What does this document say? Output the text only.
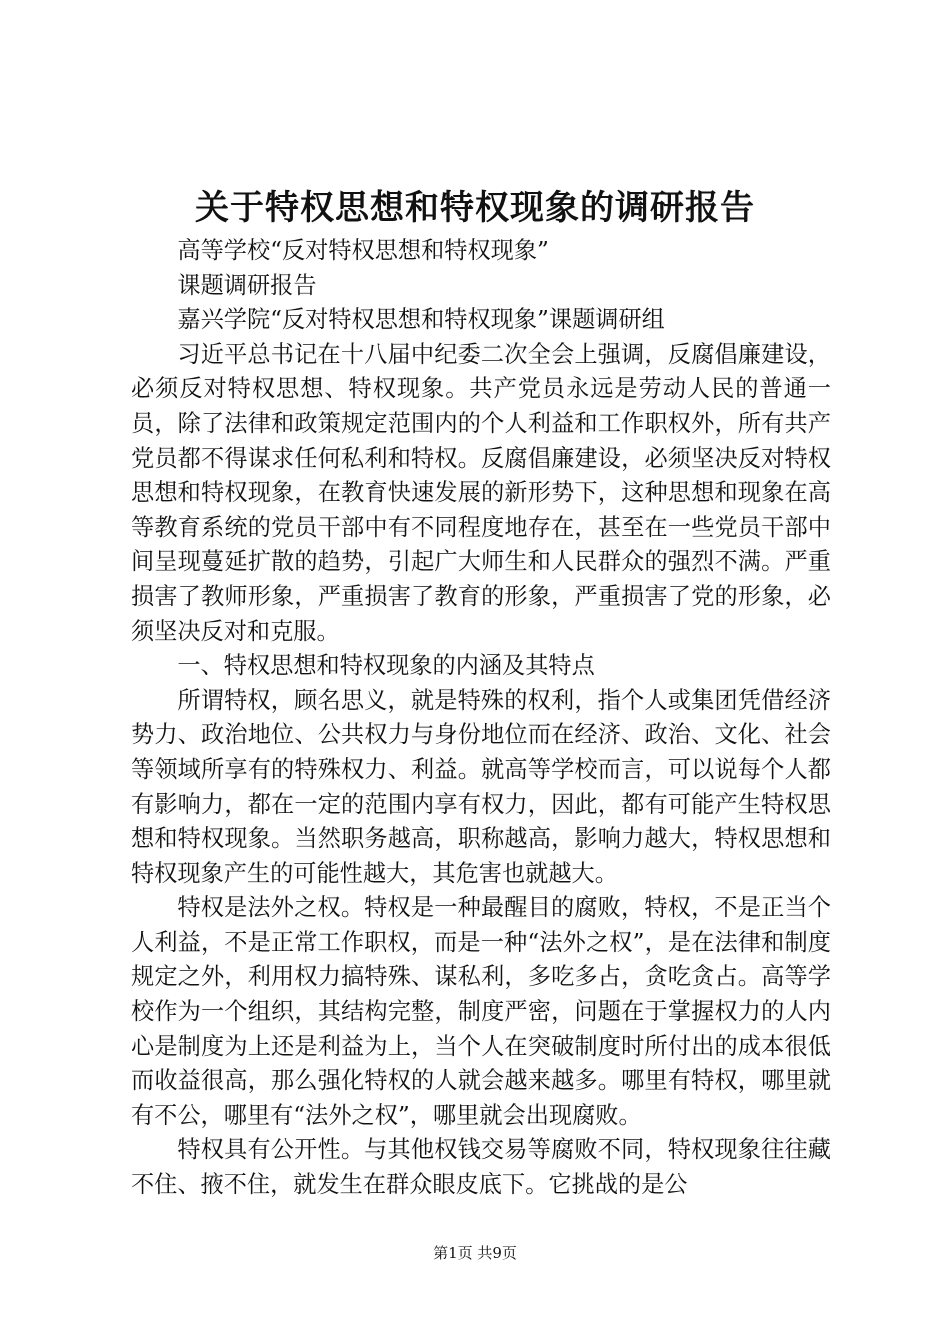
关于特权思想和特权现象的调研报告

高等学校“反对特权思想和特权现象”

课题调研报告

嘉兴学院“反对特权思想和特权现象”课题调研组

习近平总书记在十八届中纪委二次全会上强调，反腐倡廉建设，必须反对特权思想、特权现象。共产党员永远是劳动人民的普通一员，除了法律和政策规定范围内的个人利益和工作职权外，所有共产党员都不得谋求任何私利和特权。反腐倡廉建设，必须坚决反对特权思想和特权现象，在教育快速发展的新形势下，这种思想和现象在高等教育系统的党员干部中有不同程度地存在，甚至在一些党员干部中间呈现蔓延扩散的趋势，引起广大师生和人民群众的强烈不满。严重损害了教师形象，严重损害了教育的形象，严重损害了党的形象，必须坚决反对和克服。

一、特权思想和特权现象的内涵及其特点

所谓特权，顾名思义，就是特殊的权利，指个人或集团凭借经济势力、政治地位、公共权力与身份地位而在经济、政治、文化、社会等领域所享有的特殊权力、利益。就高等学校而言，可以说每个人都有影响力，都在一定的范围内享有权力，因此，都有可能产生特权思想和特权现象。当然职务越高，职称越高，影响力越大，特权思想和特权现象产生的可能性越大，其危害也就越大。

特权是法外之权。特权是一种最醒目的腐败，特权，不是正当个人利益，不是正常工作职权，而是一种“法外之权”，是在法律和制度规定之外，利用权力搞特殊、谋私利，多吃多占，贪吃贪占。高等学校作为一个组织，其结构完整，制度严密，问题在于掌握权力的人内心是制度为上还是利益为上，当个人在突破制度时所付出的成本很低而收益很高，那么强化特权的人就会越来越多。哪里有特权，哪里就有不公，哪里有“法外之权”，哪里就会出现腐败。

特权具有公开性。与其他权钱交易等腐败不同，特权现象往往藏不住、掖不住，就发生在群众眼皮底下。它挑战的是公

第1页 共9页
